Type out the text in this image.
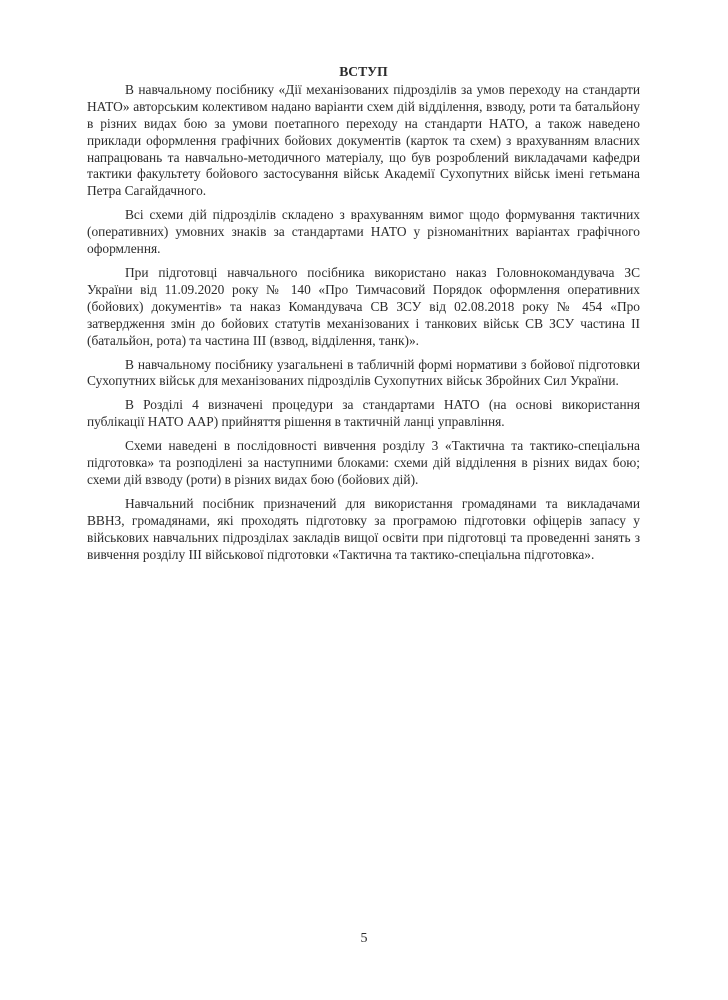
ВСТУП

В навчальному посібнику «Дії механізованих підрозділів за умов переходу на стандарти НАТО» авторським колективом надано варіанти схем дій відділення, взводу, роти та батальйону в різних видах бою за умови поетапного переходу на стандарти НАТО, а також наведено приклади оформлення графічних бойових документів (карток та схем) з врахуванням власних напрацювань та навчально-методичного матеріалу, що був розроблений викладачами кафедри тактики факультету бойового застосування військ Академії Сухопутних військ імені гетьмана Петра Сагайдачного.

Всі схеми дій підрозділів складено з врахуванням вимог щодо формування тактичних (оперативних) умовних знаків за стандартами НАТО у різноманітних варіантах графічного оформлення.

При підготовці навчального посібника використано наказ Головнокомандувача ЗС України від 11.09.2020 року № 140 «Про Тимчасовий Порядок оформлення оперативних (бойових) документів» та наказ Командувача СВ ЗСУ від 02.08.2018 року № 454 «Про затвердження змін до бойових статутів механізованих і танкових військ СВ ЗСУ частина ІІ (батальйон, рота) та частина ІІІ (взвод, відділення, танк)».

В навчальному посібнику узагальнені в табличній формі нормативи з бойової підготовки Сухопутних військ для механізованих підрозділів Сухопутних військ Збройних Сил України.

В Розділі 4 визначені процедури за стандартами НАТО (на основі використання публікації НАТО ААР) прийняття рішення в тактичній ланці управління.

Схеми наведені в послідовності вивчення розділу 3 «Тактична та тактико-спеціальна підготовка» та розподілені за наступними блоками: схеми дій відділення в різних видах бою; схеми дій взводу (роти) в різних видах бою (бойових дій).

Навчальний посібник призначений для використання громадянами та викладачами ВВНЗ, громадянами, які проходять підготовку за програмою підготовки офіцерів запасу у військових навчальних підрозділах закладів вищої освіти при підготовці та проведенні занять з вивчення розділу ІІІ військової підготовки «Тактична та тактико-спеціальна підготовка».

5
